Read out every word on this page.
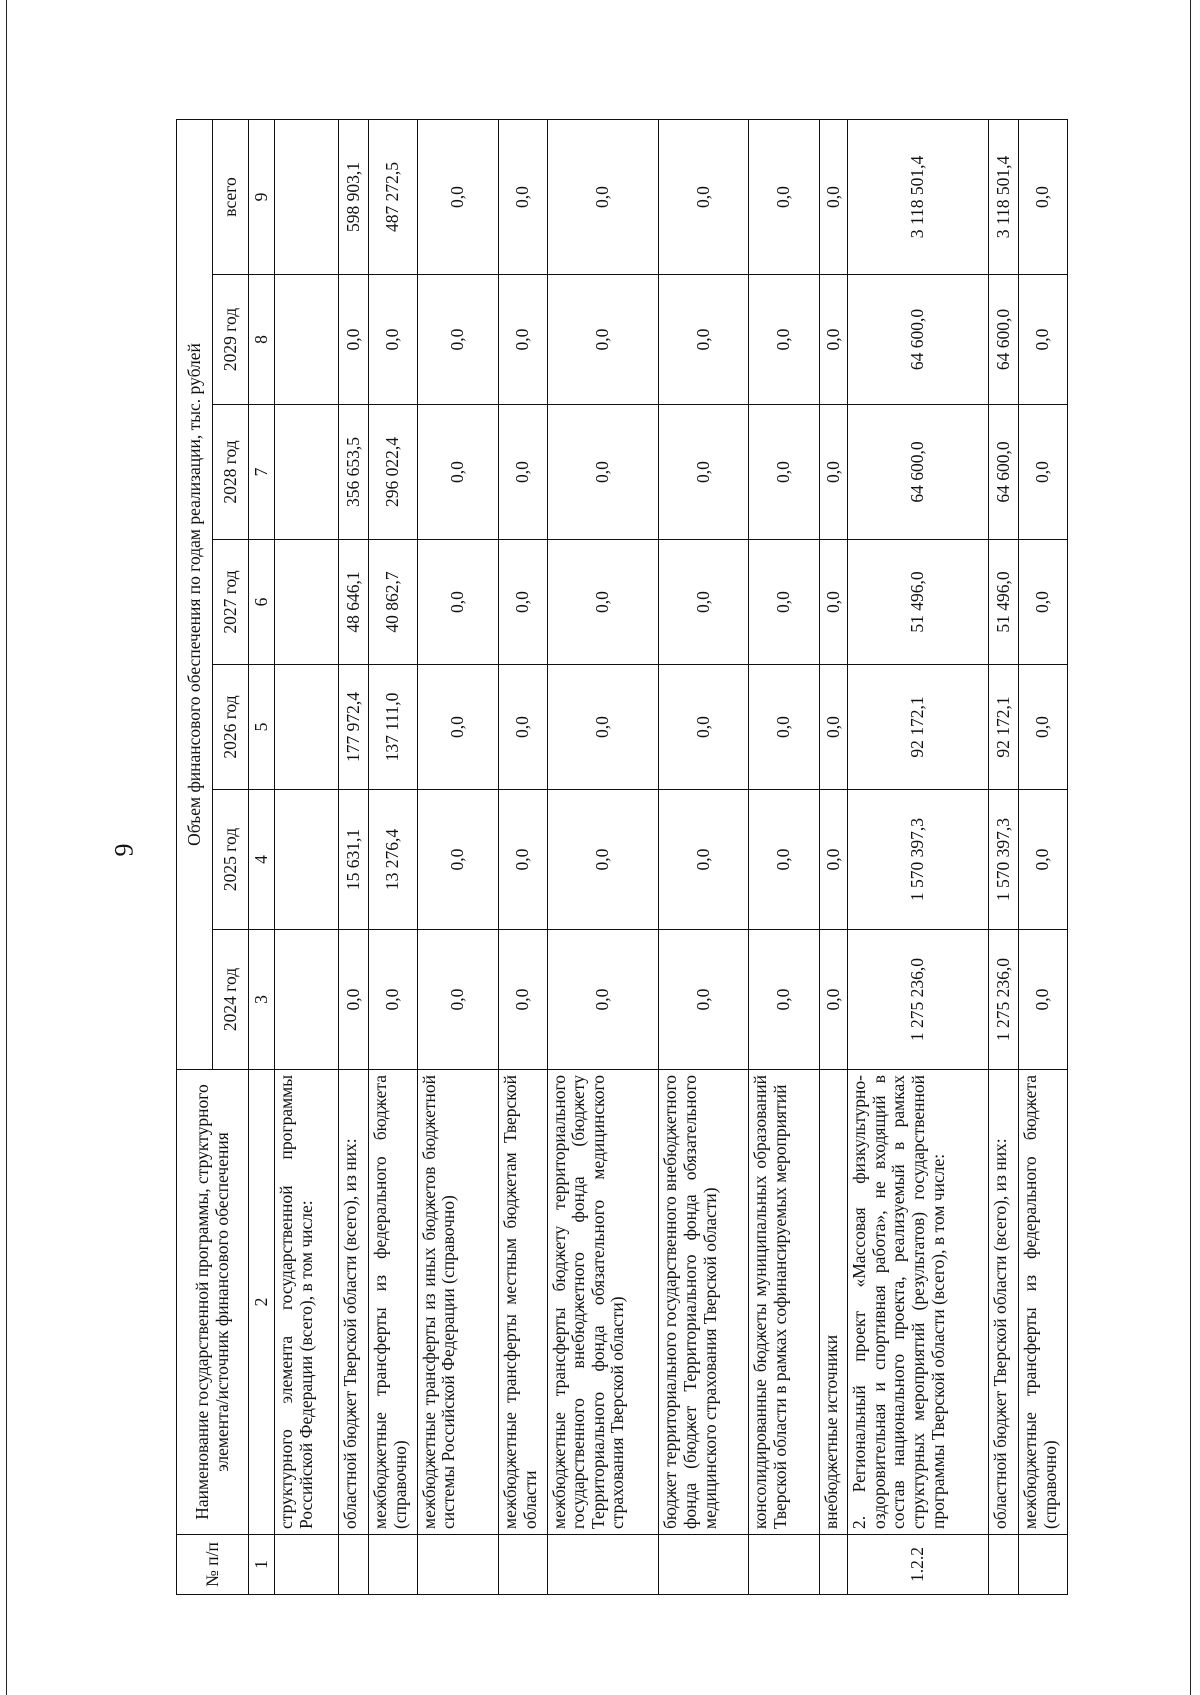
9
№ п/п	Наименование государственной программы, структурного элемента/источник финансового обеспечения	Объем финансового обеспечения по годам реализации, тыс. рублей						
		2024 год	2025 год	2026 год	2027 год	2028 год	2029 год	всего
1	2	3	4	5	6	7	8	9
	структурного элемента государственной программы Российской Федерации (всего), в том числе:							
	областной бюджет Тверской области (всего), из них:	0,0	15 631,1	177 972,4	48 646,1	356 653,5	0,0	598 903,1
	межбюджетные трансферты из федерального бюджета (справочно)	0,0	13 276,4	137 111,0	40 862,7	296 022,4	0,0	487 272,5
	межбюджетные трансферты из иных бюджетов бюджетной системы Российской Федерации (справочно)	0,0	0,0	0,0	0,0	0,0	0,0	0,0
	межбюджетные трансферты местным бюджетам Тверской области	0,0	0,0	0,0	0,0	0,0	0,0	0,0
	межбюджетные трансферты бюджету территориального государственного внебюджетного фонда (бюджету Территориального фонда обязательного медицинского страхования Тверской области)	0,0	0,0	0,0	0,0	0,0	0,0	0,0
	бюджет территориального государственного внебюджетного фонда (бюджет Территориального фонда обязательного медицинского страхования Тверской области)	0,0	0,0	0,0	0,0	0,0	0,0	0,0
	консолидированные бюджеты муниципальных образований Тверской области в рамках софинансируемых мероприятий	0,0	0,0	0,0	0,0	0,0	0,0	0,0
	внебюджетные источники	0,0	0,0	0,0	0,0	0,0	0,0	0,0
1.2.2	2. Региональный проект «Массовая физкультурно-оздоровительная и спортивная работа», не входящий в состав национального проекта, реализуемый в рамках структурных мероприятий (результатов) государственной программы Тверской области (всего), в том числе:	1 275 236,0	1 570 397,3	92 172,1	51 496,0	64 600,0	64 600,0	3 118 501,4
	областной бюджет Тверской области (всего), из них:	1 275 236,0	1 570 397,3	92 172,1	51 496,0	64 600,0	64 600,0	3 118 501,4
	межбюджетные трансферты из федерального бюджета (справочно)	0,0	0,0	0,0	0,0	0,0	0,0	0,0
